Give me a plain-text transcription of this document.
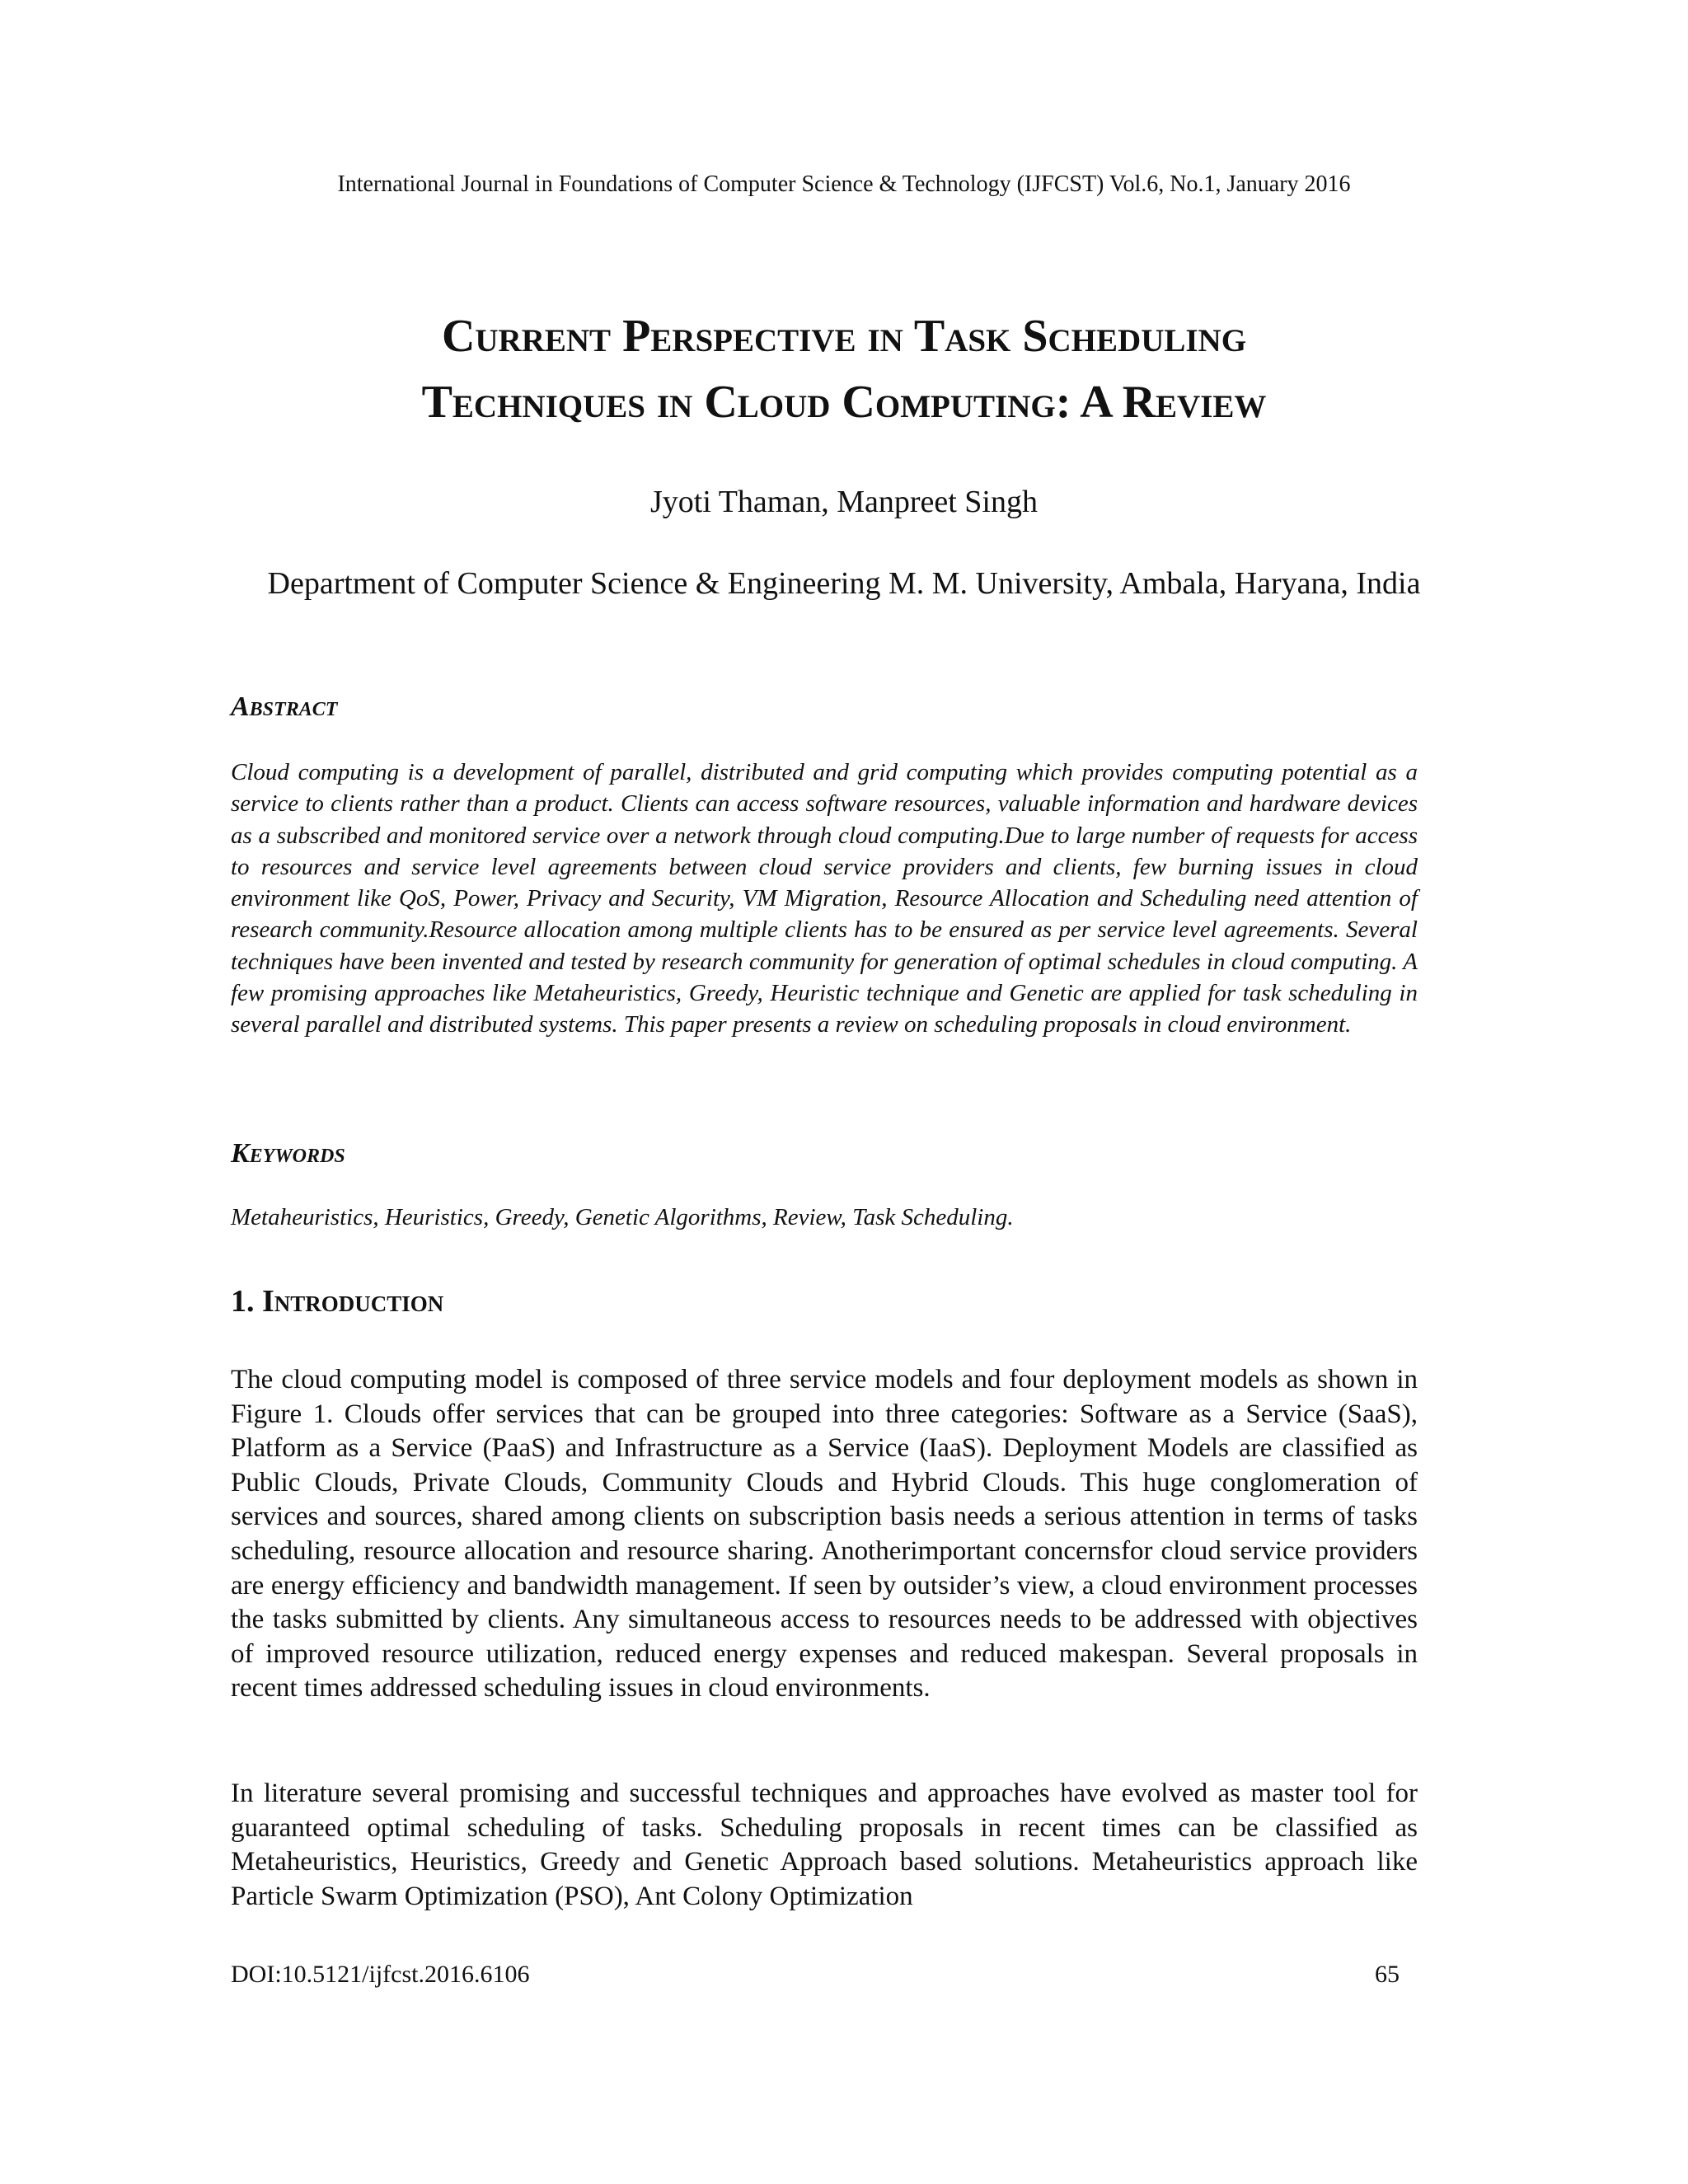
International Journal in Foundations of Computer Science & Technology (IJFCST) Vol.6, No.1, January 2016
Current Perspective in Task Scheduling
Techniques in Cloud Computing: A Review
Jyoti Thaman, Manpreet Singh
Department of Computer Science & Engineering M. M. University, Ambala, Haryana, India
Abstract

Cloud computing is a development of parallel, distributed and grid computing which provides computing potential as a service to clients rather than a product. Clients can access software resources, valuable information and hardware devices as a subscribed and monitored service over a network through cloud computing.Due to large number of requests for access to resources and service level agreements between cloud service providers and clients, few burning issues in cloud environment like QoS, Power, Privacy and Security, VM Migration, Resource Allocation and Scheduling need attention of research community.Resource allocation among multiple clients has to be ensured as per service level agreements. Several techniques have been invented and tested by research community for generation of optimal schedules in cloud computing. A few promising approaches like Metaheuristics, Greedy, Heuristic technique and Genetic are applied for task scheduling in several parallel and distributed systems. This paper presents a review on scheduling proposals in cloud environment.

Keywords

Metaheuristics, Heuristics, Greedy, Genetic Algorithms, Review, Task Scheduling.

1. Introduction

The cloud computing model is composed of three service models and four deployment models as shown in Figure 1. Clouds offer services that can be grouped into three categories: Software as a Service (SaaS), Platform as a Service (PaaS) and Infrastructure as a Service (IaaS). Deployment Models are classified as Public Clouds, Private Clouds, Community Clouds and Hybrid Clouds. This huge conglomeration of services and sources, shared among clients on subscription basis needs a serious attention in terms of tasks scheduling, resource allocation and resource sharing. Anotherimportant concernsfor cloud service providers are energy efficiency and bandwidth management. If seen by outsider’s view, a cloud environment processes the tasks submitted by clients. Any simultaneous access to resources needs to be addressed with objectives of improved resource utilization, reduced energy expenses and reduced makespan. Several proposals in recent times addressed scheduling issues in cloud environments.

In literature several promising and successful techniques and approaches have evolved as master tool for guaranteed optimal scheduling of tasks. Scheduling proposals in recent times can be classified as Metaheuristics, Heuristics, Greedy and Genetic Approach based solutions. Metaheuristics approach like Particle Swarm Optimization (PSO), Ant Colony Optimization

DOI:10.5121/ijfcst.2016.6106	65
